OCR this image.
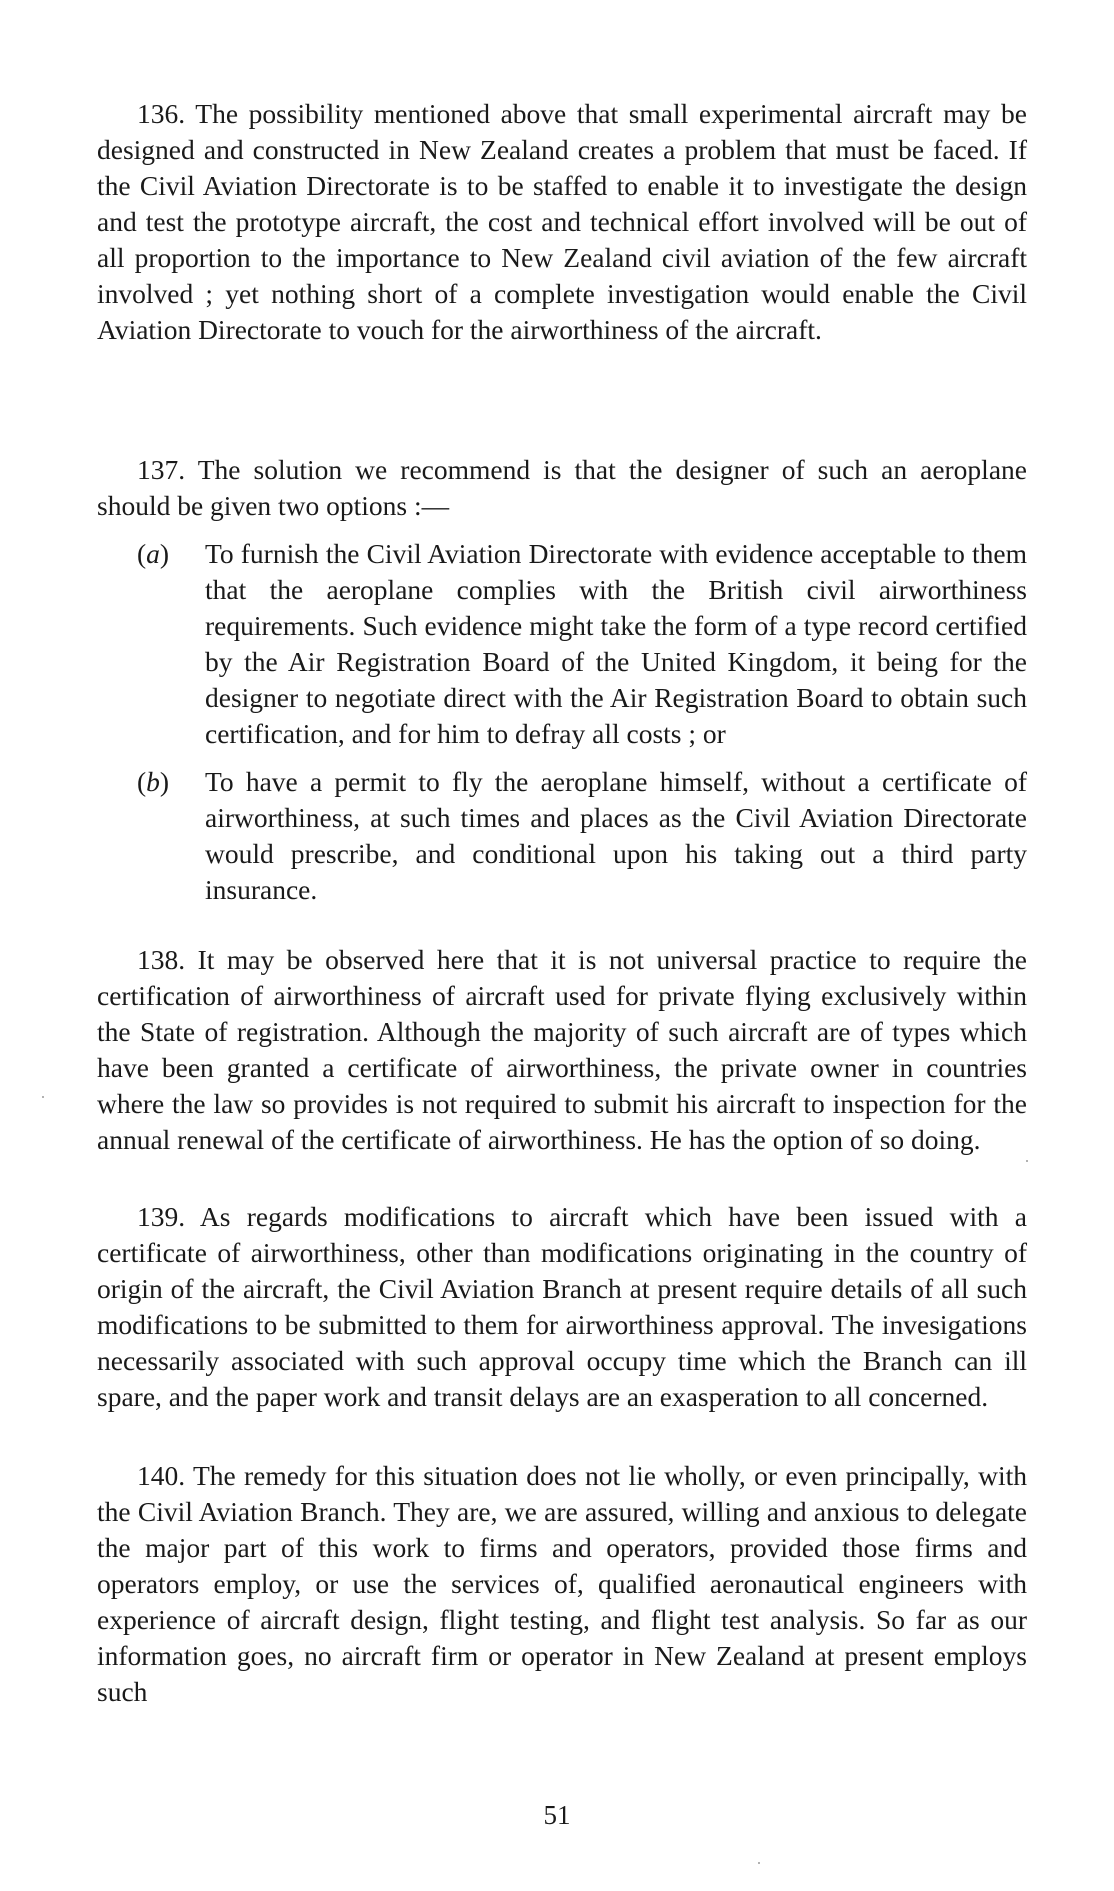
136. The possibility mentioned above that small experimental aircraft may be designed and constructed in New Zealand creates a problem that must be faced. If the Civil Aviation Directorate is to be staffed to enable it to investigate the design and test the prototype aircraft, the cost and technical effort involved will be out of all proportion to the importance to New Zealand civil aviation of the few aircraft involved ; yet nothing short of a complete investigation would enable the Civil Aviation Directorate to vouch for the airworthiness of the aircraft.

137. The solution we recommend is that the designer of such an aeroplane should be given two options :—

(a)	To furnish the Civil Aviation Directorate with evidence acceptable to them that the aeroplane complies with the British civil airworthiness requirements. Such evidence might take the form of a type record certified by the Air Registration Board of the United Kingdom, it being for the designer to negotiate direct with the Air Registration Board to obtain such certification, and for him to defray all costs ; or
(b)	To have a permit to fly the aeroplane himself, without a certificate of airworthiness, at such times and places as the Civil Aviation Directorate would prescribe, and conditional upon his taking out a third party insurance.

138. It may be observed here that it is not universal practice to require the certification of airworthiness of aircraft used for private flying exclusively within the State of registration. Although the majority of such aircraft are of types which have been granted a certificate of airworthiness, the private owner in countries where the law so provides is not required to submit his aircraft to inspection for the annual renewal of the certificate of airworthiness. He has the option of so doing.

139. As regards modifications to aircraft which have been issued with a certificate of airworthiness, other than modifications originating in the country of origin of the aircraft, the Civil Aviation Branch at present require details of all such modifications to be submitted to them for airworthiness approval. The invesigations necessarily associated with such approval occupy time which the Branch can ill spare, and the paper work and transit delays are an exasperation to all concerned.

140. The remedy for this situation does not lie wholly, or even principally, with the Civil Aviation Branch. They are, we are assured, willing and anxious to delegate the major part of this work to firms and operators, provided those firms and operators employ, or use the services of, qualified aeronautical engineers with experience of aircraft design, flight testing, and flight test analysis. So far as our information goes, no aircraft firm or operator in New Zealand at present employs such

51
